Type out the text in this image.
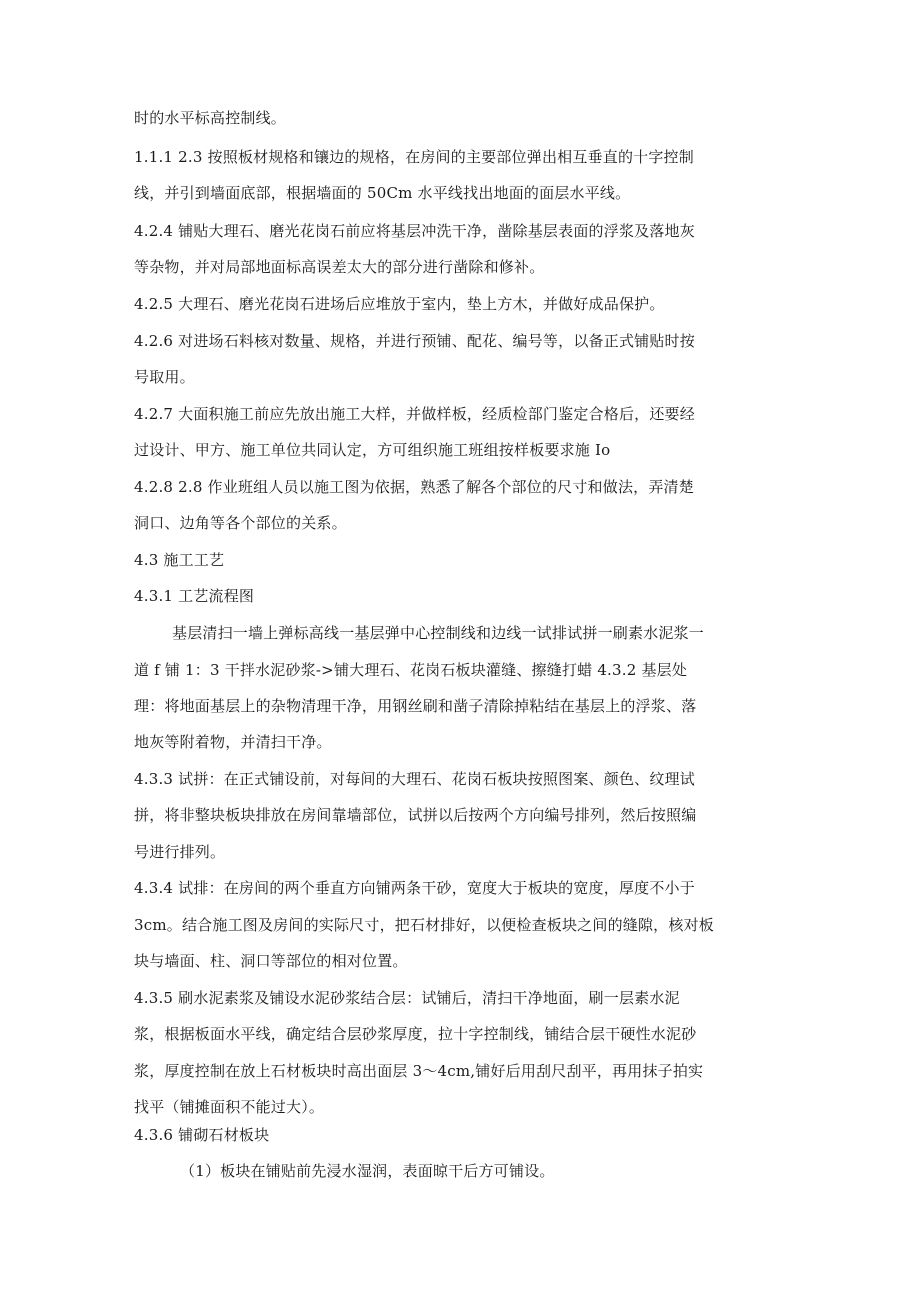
时的水平标高控制线。
1.1.1 2.3 按照板材规格和镶边的规格，在房间的主要部位弹出相互垂直的十字控制
线，并引到墙面底部，根据墙面的 50Cm 水平线找出地面的面层水平线。
4.2.4 铺贴大理石、磨光花岗石前应将基层冲洗干净，凿除基层表面的浮浆及落地灰
等杂物，并对局部地面标高误差太大的部分进行凿除和修补。
4.2.5 大理石、磨光花岗石进场后应堆放于室内，垫上方木，并做好成品保护。
4.2.6 对进场石料核对数量、规格，并进行预铺、配花、编号等，以备正式铺贴时按
号取用。
4.2.7 大面积施工前应先放出施工大样，并做样板，经质检部门鉴定合格后，还要经
过设计、甲方、施工单位共同认定，方可组织施工班组按样板要求施 Io
4.2.8 2.8 作业班组人员以施工图为依据，熟悉了解各个部位的尺寸和做法，弄清楚
洞口、边角等各个部位的关系。
4.3 施工工艺
4.3.1 工艺流程图
基层清扫一墙上弹标高线一基层弹中心控制线和边线一试排试拼一刷素水泥浆一
道 f 铺 1：3 干拌水泥砂浆->铺大理石、花岗石板块灌缝、擦缝打蜡 4.3.2 基层处
理：将地面基层上的杂物清理干净，用钢丝刷和凿子清除掉粘结在基层上的浮浆、落
地灰等附着物，并清扫干净。
4.3.3 试拼：在正式铺设前，对每间的大理石、花岗石板块按照图案、颜色、纹理试
拼，将非整块板块排放在房间靠墙部位，试拼以后按两个方向编号排列，然后按照编
号进行排列。
4.3.4 试排：在房间的两个垂直方向铺两条干砂，宽度大于板块的宽度，厚度不小于
3cm。结合施工图及房间的实际尺寸，把石材排好，以便检查板块之间的缝隙，核对板
块与墙面、柱、洞口等部位的相对位置。
4.3.5 刷水泥素浆及铺设水泥砂浆结合层：试铺后，清扫干净地面，刷一层素水泥
浆，根据板面水平线，确定结合层砂浆厚度，拉十字控制线，铺结合层干硬性水泥砂
浆，厚度控制在放上石材板块时高出面层 3～4cm,铺好后用刮尺刮平，再用抹子拍实
找平（铺摊面积不能过大）。
4.3.6 铺砌石材板块
（1）板块在铺贴前先浸水湿润，表面晾干后方可铺设。
